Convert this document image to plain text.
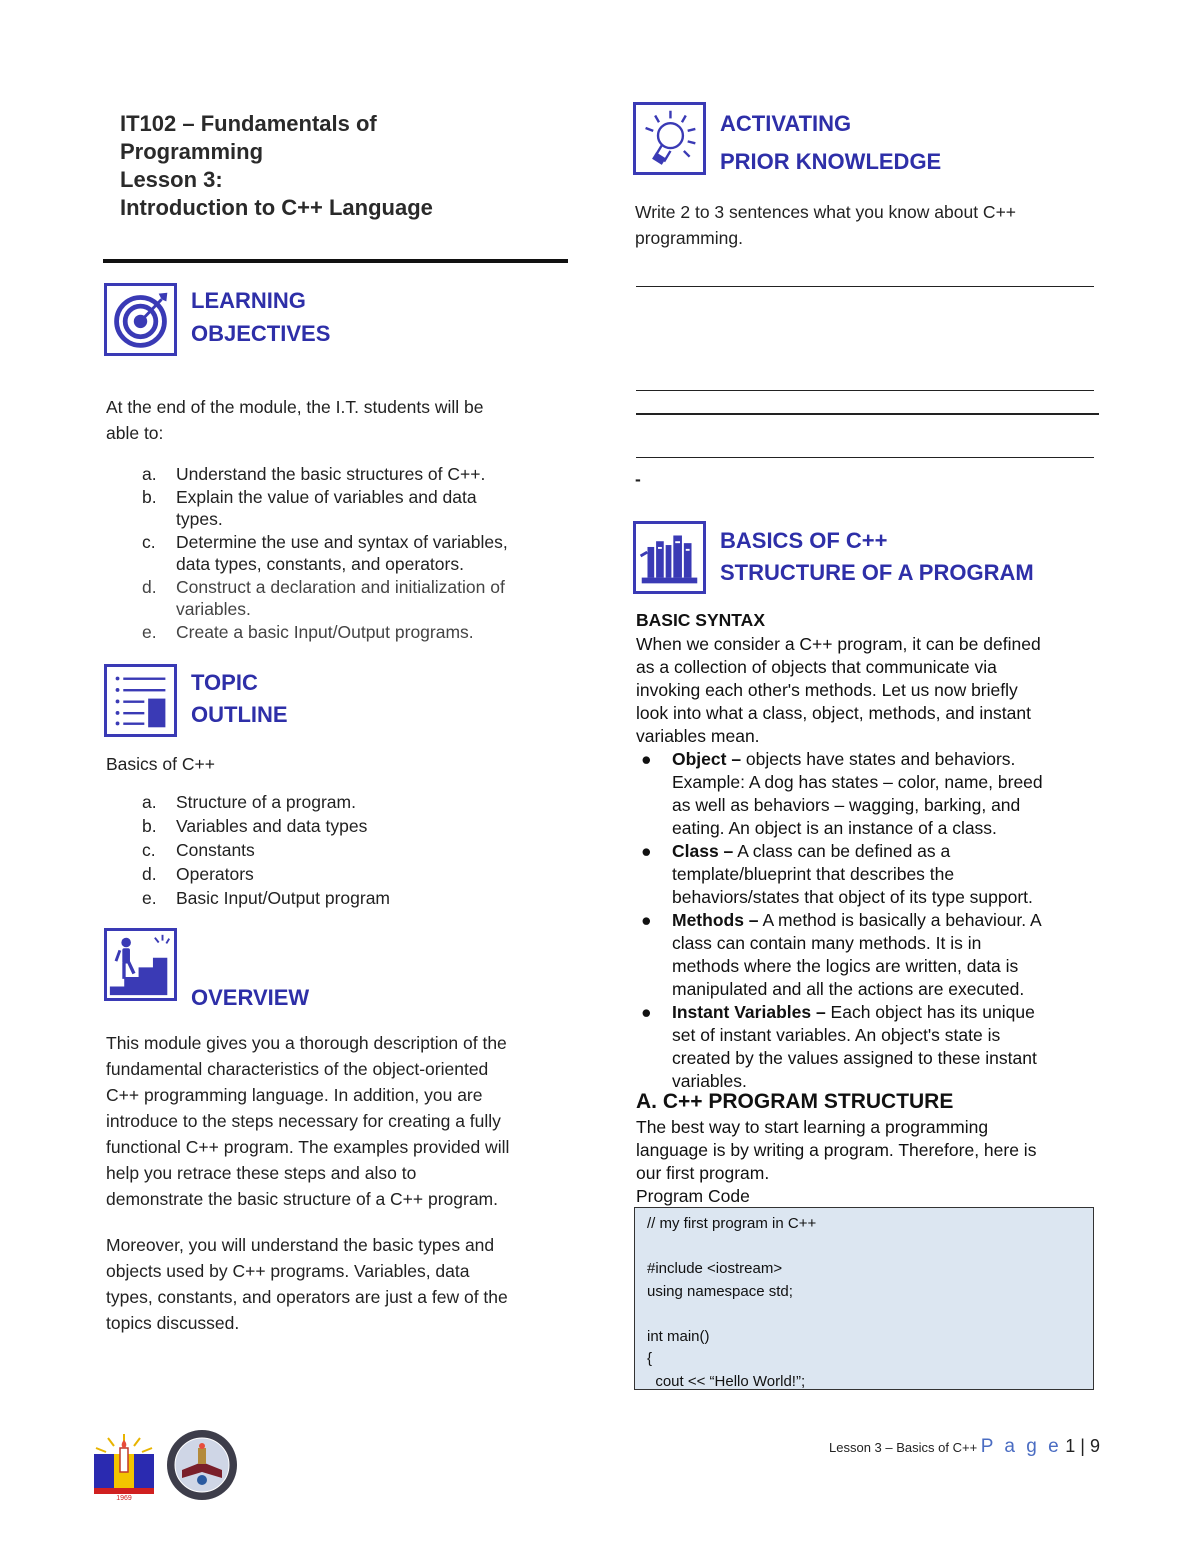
IT102 – Fundamentals of
Programming
Lesson 3:
Introduction to C++ Language
LEARNING
OBJECTIVES
At the end of the module, the I.T. students will be
able to:
a. Understand the basic structures of C++.
b. Explain the value of variables and data
types.
c. Determine the use and syntax of variables,
data types, constants, and operators.
d. Construct a declaration and initialization of
variables.
e. Create a basic Input/Output programs.
TOPIC
OUTLINE
Basics of C++
a. Structure of a program.
b. Variables and data types
c. Constants
d. Operators
e. Basic Input/Output program
OVERVIEW
This module gives you a thorough description of the
fundamental characteristics of the object-oriented
C++ programming language. In addition, you are
introduce to the steps necessary for creating a fully
functional C++ program. The examples provided will
help you retrace these steps and also to
demonstrate the basic structure of a C++ program.
Moreover, you will understand the basic types and
objects used by C++ programs. Variables, data
types, constants, and operators are just a few of the
topics discussed.
ACTIVATING
PRIOR KNOWLEDGE
Write 2 to 3 sentences what you know about C++
programming.
-
BASICS OF C++
STRUCTURE OF A PROGRAM
BASIC SYNTAX
When we consider a C++ program, it can be defined
as a collection of objects that communicate via
invoking each other's methods. Let us now briefly
look into what a class, object, methods, and instant
variables mean.
● Object – objects have states and behaviors.
Example: A dog has states – color, name, breed
as well as behaviors – wagging, barking, and
eating. An object is an instance of a class.
● Class – A class can be defined as a
template/blueprint that describes the
behaviors/states that object of its type support.
● Methods – A method is basically a behaviour. A
class can contain many methods. It is in
methods where the logics are written, data is
manipulated and all the actions are executed.
● Instant Variables – Each object has its unique
set of instant variables. An object's state is
created by the values assigned to these instant
variables.
A. C++ PROGRAM STRUCTURE
The best way to start learning a programming
language is by writing a program. Therefore, here is
our first program.
Program Code
// my first program in C++
#include <iostream>
using namespace std;
int main()
{
cout << “Hello World!”;
Lesson 3 – Basics of C++ P a g e 1 | 9
1969
